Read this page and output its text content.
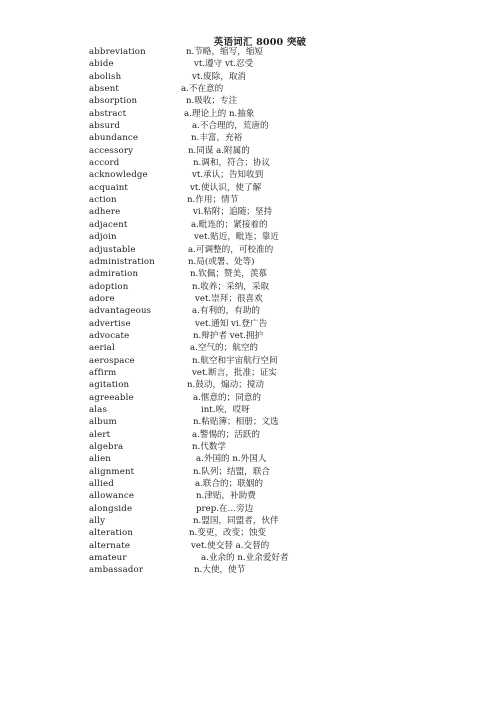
英语词汇 8000 突破
abbreviation	n.节略，缩写，缩短
abide	vt.遵守 vt.忍受
abolish	vt.废除，取消
absent	a.不在意的
absorption	n.吸收；专注
abstract	a.理论上的 n.抽象
absurd	a.不合理的，荒唐的
abundance	n.丰富，充裕
accessory	n.同谋 a.附属的
accord	n.调和，符合；协议
acknowledge	vt.承认；告知收到
acquaint	vt.使认识，使了解
action	n.作用；情节
adhere	vi.粘附；追随；坚持
adjacent	a.毗连的；紧接着的
adjoin	vet.贴近，毗连；靠近
adjustable	a.可调整的，可校准的
administration	n.局(或署、处等)
admiration	n.钦佩；赞美，羡慕
adoption	n.收养；采纳，采取
adore	vet.崇拜；很喜欢
advantageous	a.有利的，有助的
advertise	vet.通知 vi.登广告
advocate	n.辩护者 vet.拥护
aerial	a.空气的；航空的
aerospace	n.航空和宇宙航行空间
affirm	vet.断言，批准；证实
agitation	n.鼓动，煽动；搅动
agreeable	a.惬意的；同意的
alas	int.唉，哎呀
album	n.粘贴簿；相册；文选
alert	a.警惕的；活跃的
algebra	n.代数学
alien	a.外国的 n.外国人
alignment	n.队列；结盟，联合
allied	a.联合的；联姻的
allowance	n.津贴，补助费
alongside	prep.在…旁边
ally	n.盟国，同盟者，伙伴
alteration	n.变更，改变；蚀变
alternate	vet.使交替 a.交替的
amateur	a.业余的 n.业余爱好者
ambassador	n.大使，使节
